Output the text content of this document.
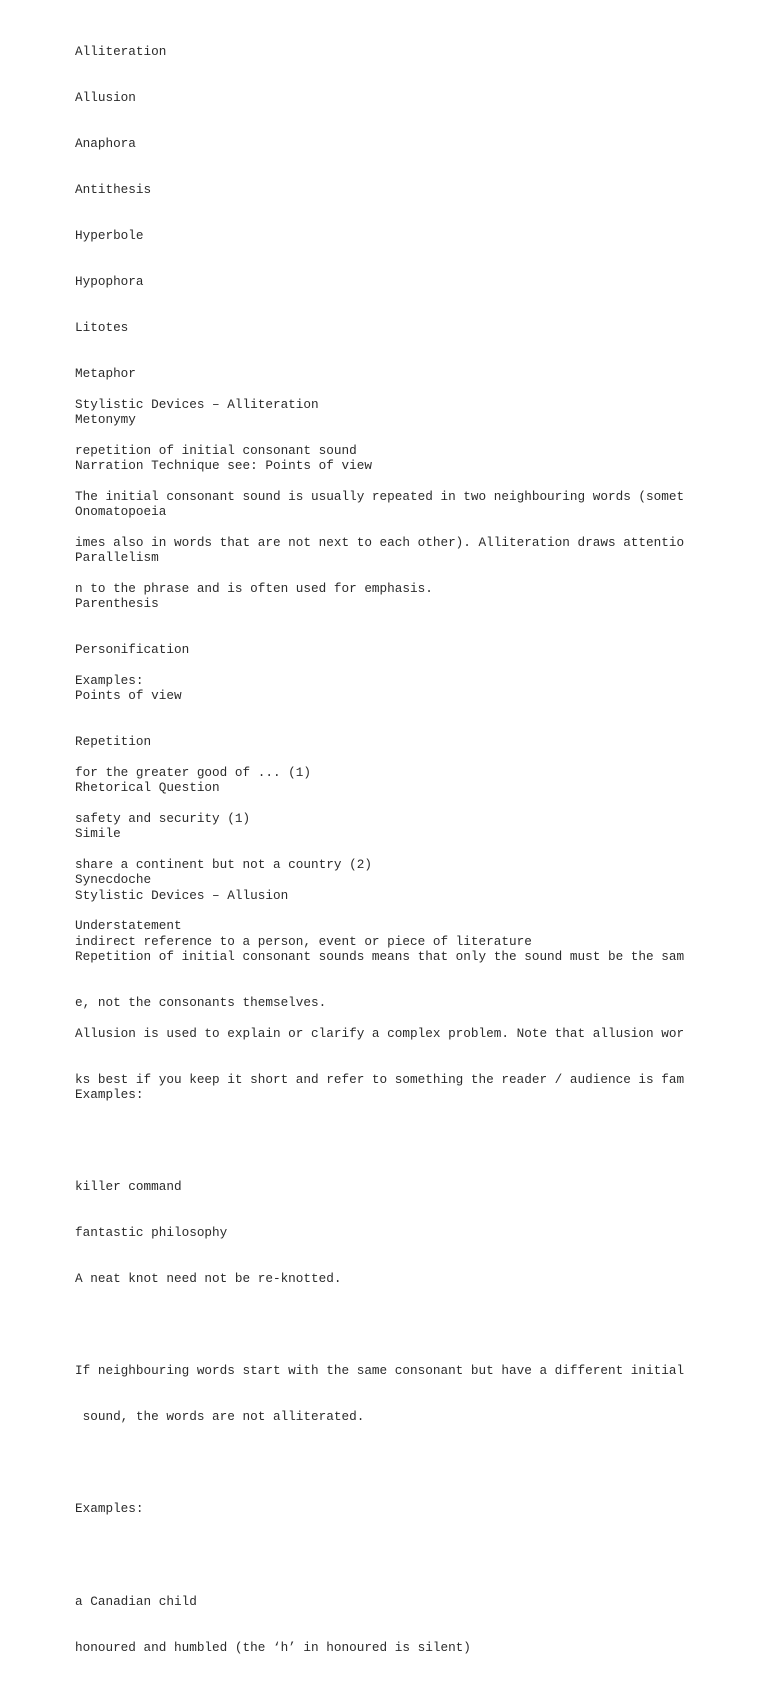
Alliteration

Allusion

Anaphora

Antithesis

Hyperbole

Hypophora

Litotes

Metaphor

Metonymy

Narration Technique see: Points of view

Onomatopoeia

Parallelism

Parenthesis

Personification

Points of view

Repetition

Rhetorical Question

Simile

Synecdoche

Understatement

Stylistic Devices – Alliteration

repetition of initial consonant sound

The initial consonant sound is usually repeated in two neighbouring words (somet

imes also in words that are not next to each other). Alliteration draws attentio

n to the phrase and is often used for emphasis.

Examples:

for the greater good of ... (1)

safety and security (1)

share a continent but not a country (2)

Repetition of initial consonant sounds means that only the sound must be the sam

e, not the consonants themselves.

Examples:

killer command

fantastic philosophy

A neat knot need not be re-knotted.

If neighbouring words start with the same consonant but have a different initial

sound, the words are not alliterated.

Examples:

a Canadian child

honoured and humbled (the ‘h’ in honoured is silent)

Stylistic Devices – Allusion

indirect reference to a person, event or piece of literature

Allusion is used to explain or clarify a complex problem. Note that allusion wor

ks best if you keep it short and refer to something the reader / audience is fam
